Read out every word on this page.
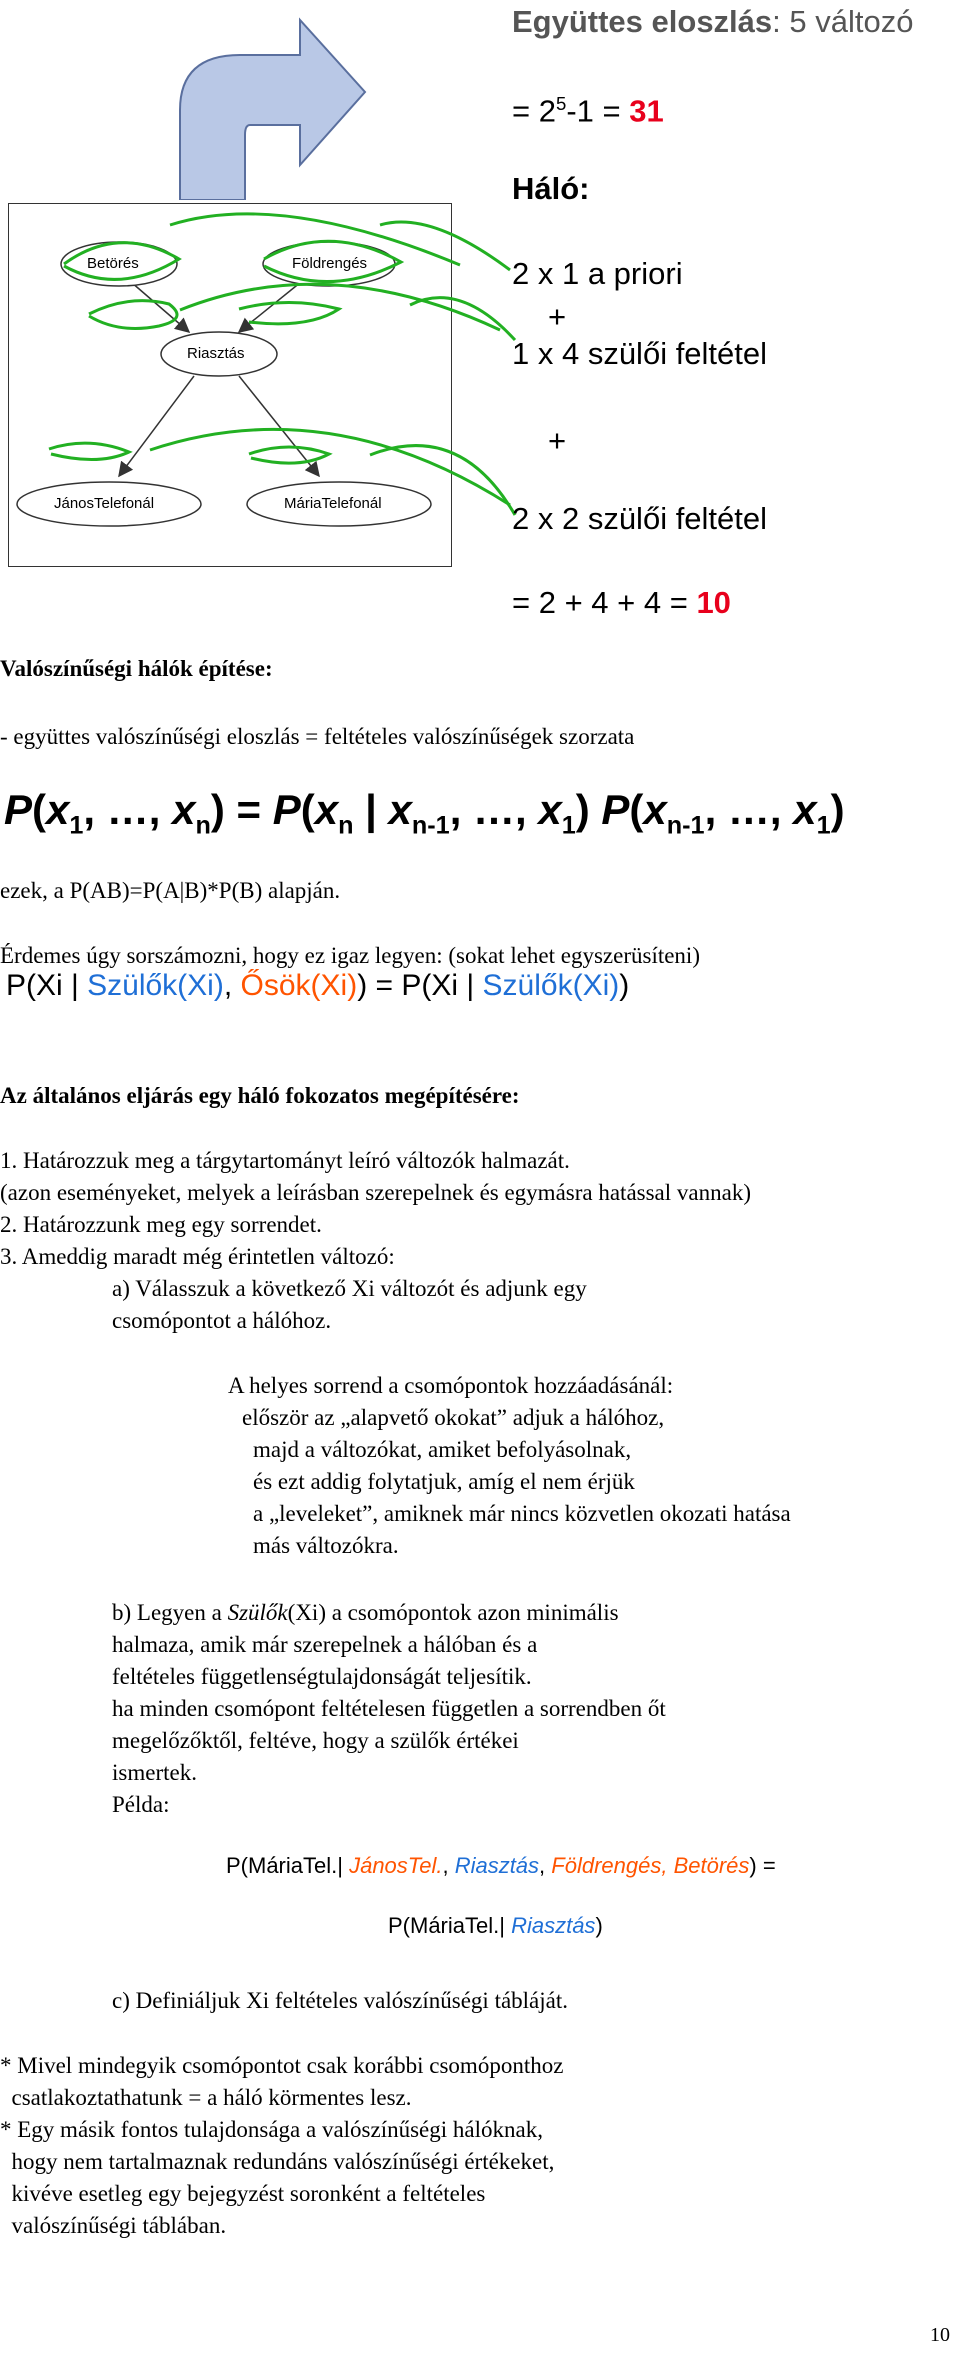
Betörés	Földrengés
Riasztás
JánosTelefonál	MáriaTelefonál
Együttes eloszlás: 5 változó
= $2^5-1 = 31$
Háló:
2 x 1 a priori
+
1 x 4 szülői feltétel
+
2 x 2 szülői feltétel
= 2 + 4 + 4 = 10
Valószínűségi hálók építése:
- együttes valószínűségi eloszlás = feltételes valószínűségek szorzata
$P(x_1$, …, $x_n) = P(x_n$ | $x_{n-1}$, …, $x_1$) $P(x_{n-1}$, …, $x_1$)
ezek, a P(AB)=P(A|B)*P(B) alapján.
Érdemes úgy sorszámozni, hogy ez igaz legyen: (sokat lehet egyszerüsíteni)
P(Xi | Szülők(Xi), Ősök(Xi)) = P(Xi | Szülők(Xi))
Az általános eljárás egy háló fokozatos megépítésére:
1. Határozzuk meg a tárgytartományt leíró változók halmazát.
(azon eseményeket, melyek a leírásban szerepelnek és egymásra hatással vannak)
2. Határozzunk meg egy sorrendet.
3. Ameddig maradt még érintetlen változó:
a) Válasszuk a következő Xi változót és adjunk egy
csomópontot a hálóhoz.
A helyes sorrend a csomópontok hozzáadásánál:
először az „alapvető okokat” adjuk a hálóhoz,
majd a változókat, amiket befolyásolnak,
és ezt addig folytatjuk, amíg el nem érjük
a „leveleket”, amiknek már nincs közvetlen okozati hatása
más változókra.
b) Legyen a Szülők(Xi) a csomópontok azon minimális
halmaza, amik már szerepelnek a hálóban és a
feltételes függetlenségtulajdonságát teljesítik.
ha minden csomópont feltételesen független a sorrendben őt
megelőzőktől, feltéve, hogy a szülők értékei
ismertek.
Példa:
P(MáriaTel.| JánosTel., Riasztás, Földrengés, Betörés) =
P(MáriaTel.| Riasztás)
c) Definiáljuk Xi feltételes valószínűségi tábláját.
* Mivel mindegyik csomópontot csak korábbi csomóponthoz
csatlakoztathatunk = a háló körmentes lesz.
* Egy másik fontos tulajdonsága a valószínűségi hálóknak,
hogy nem tartalmaznak redundáns valószínűségi értékeket,
kivéve esetleg egy bejegyzést soronként a feltételes
valószínűségi táblában.
10
